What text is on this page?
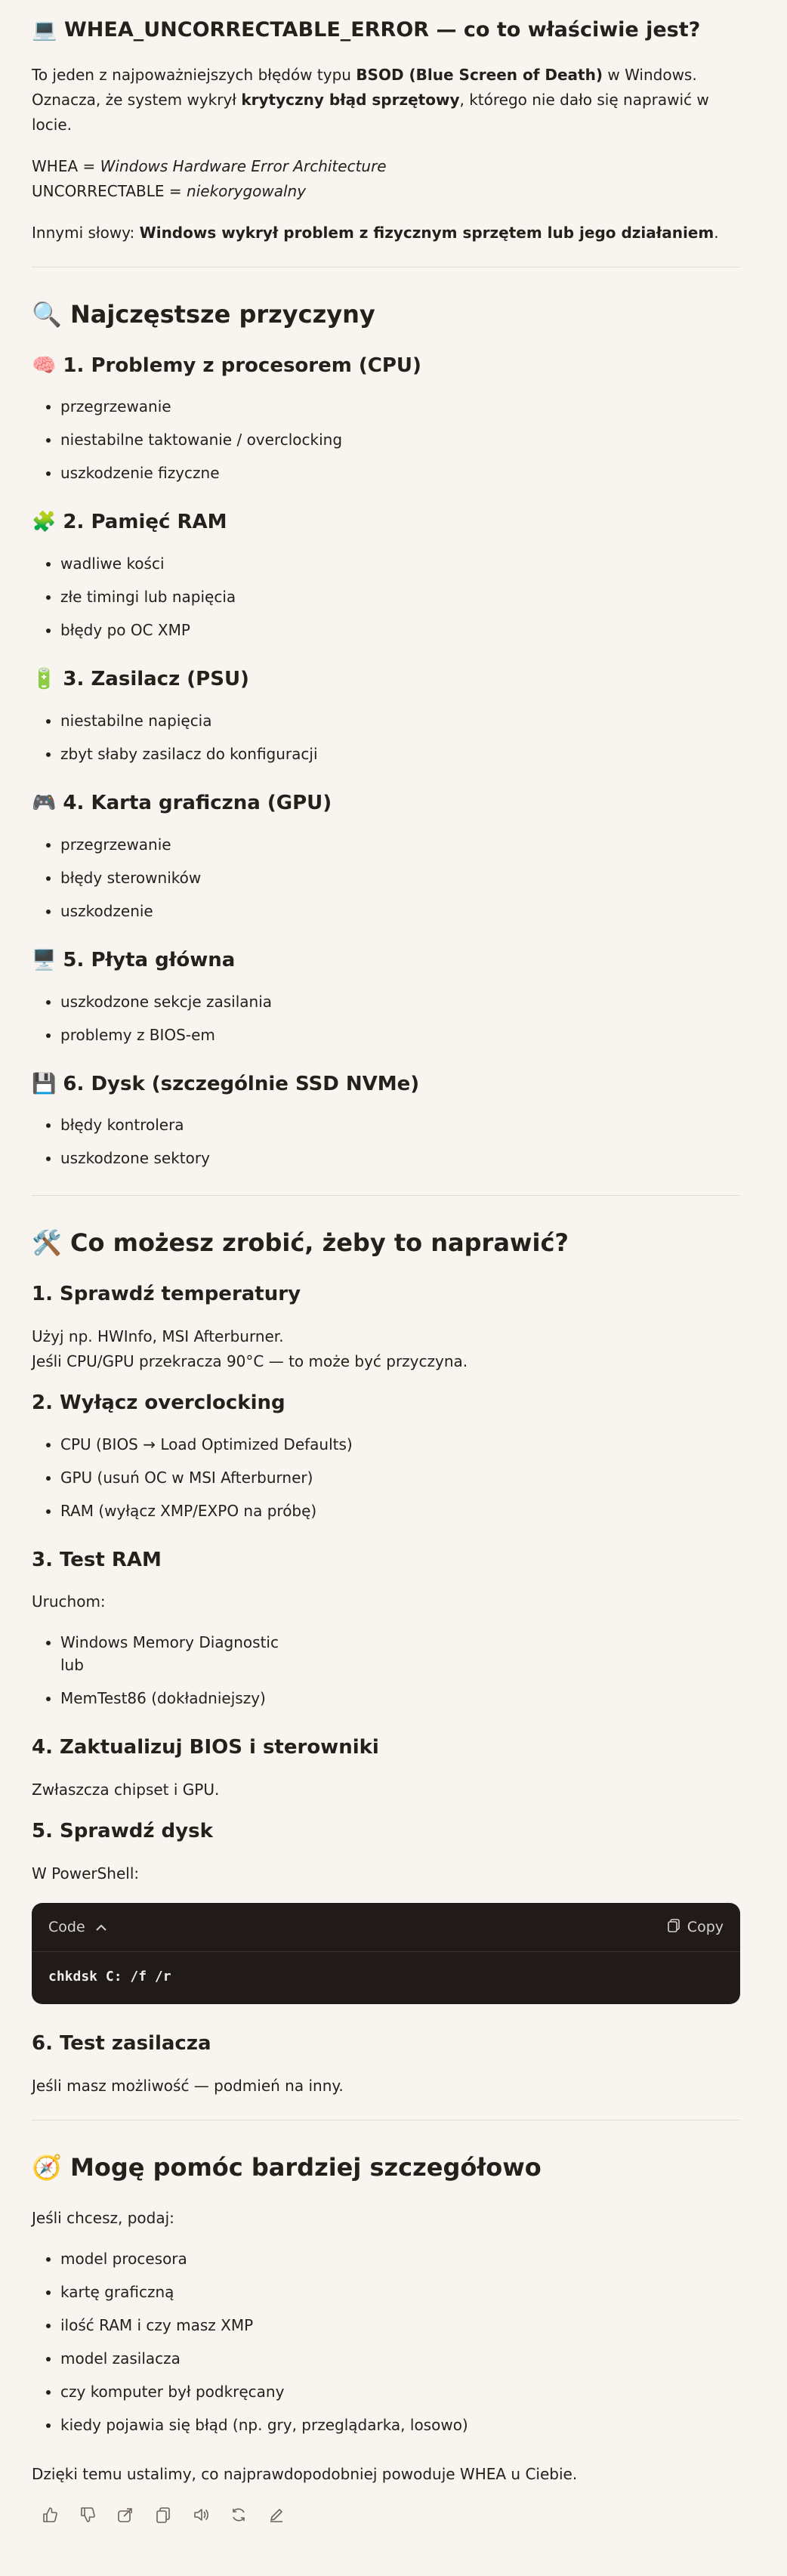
💻 WHEA_UNCORRECTABLE_ERROR — co to właściwie jest?

To jeden z najpoważniejszych błędów typu BSOD (Blue Screen of Death) w Windows.
Oznacza, że system wykrył krytyczny błąd sprzętowy, którego nie dało się naprawić w locie.

WHEA = Windows Hardware Error Architecture
UNCORRECTABLE = niekorygowalny

Innymi słowy: Windows wykrył problem z fizycznym sprzętem lub jego działaniem.

🔍 Najczęstsze przyczyny
🧠 1. Problemy z procesorem (CPU)
• przegrzewanie
• niestabilne taktowanie / overclocking
• uszkodzenie fizyczne
🧩 2. Pamięć RAM
• wadliwe kości
• złe timingi lub napięcia
• błędy po OC XMP
🔋 3. Zasilacz (PSU)
• niestabilne napięcia
• zbyt słaby zasilacz do konfiguracji
🎮 4. Karta graficzna (GPU)
• przegrzewanie
• błędy sterowników
• uszkodzenie
🖥️ 5. Płyta główna
• uszkodzone sekcje zasilania
• problemy z BIOS-em
💾 6. Dysk (szczególnie SSD NVMe)
• błędy kontrolera
• uszkodzone sektory
🛠️ Co możesz zrobić, żeby to naprawić?
1. Sprawdź temperatury

Użyj np. HWInfo, MSI Afterburner.
Jeśli CPU/GPU przekracza 90°C — to może być przyczyna.

2. Wyłącz overclocking
• CPU (BIOS → Load Optimized Defaults)
• GPU (usuń OC w MSI Afterburner)
• RAM (wyłącz XMP/EXPO na próbę)
3. Test RAM

Uruchom:

• Windows Memory Diagnostic
lub
• MemTest86 (dokładniejszy)
4. Zaktualizuj BIOS i sterowniki

Zwłaszcza chipset i GPU.

5. Sprawdź dysk

W PowerShell:

Code	Copy
chkdsk C: /f /r
6. Test zasilacza

Jeśli masz możliwość — podmień na inny.

🧭 Mogę pomóc bardziej szczegółowo

Jeśli chcesz, podaj:

• model procesora
• kartę graficzną
• ilość RAM i czy masz XMP
• model zasilacza
• czy komputer był podkręcany
• kiedy pojawia się błąd (np. gry, przeglądarka, losowo)

Dzięki temu ustalimy, co najprawdopodobniej powoduje WHEA u Ciebie.
